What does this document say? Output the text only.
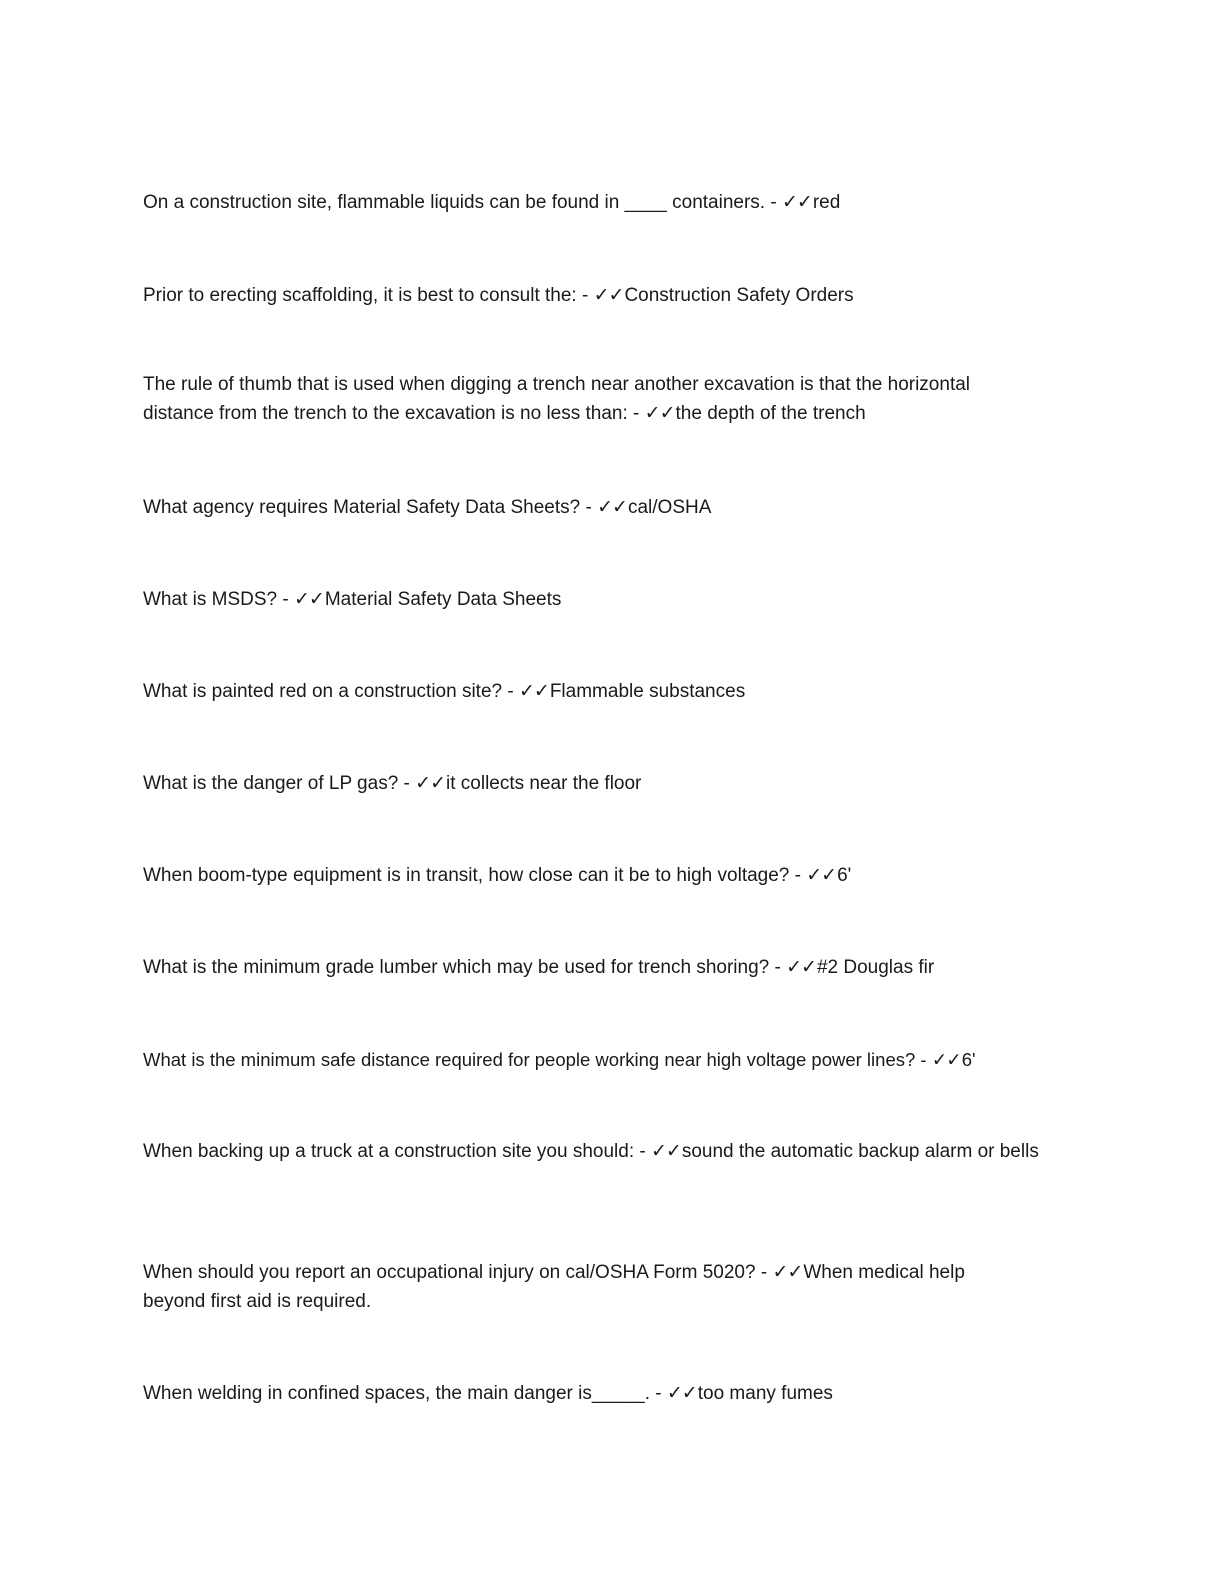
On a construction site, flammable liquids can be found in ____ containers. - ✓✓red

Prior to erecting scaffolding, it is best to consult the: - ✓✓Construction Safety Orders

The rule of thumb that is used when digging a trench near another excavation is that the horizontal distance from the trench to the excavation is no less than: - ✓✓the depth of the trench

What agency requires Material Safety Data Sheets? - ✓✓cal/OSHA

What is MSDS? - ✓✓Material Safety Data Sheets

What is painted red on a construction site? - ✓✓Flammable substances

What is the danger of LP gas? - ✓✓it collects near the floor

When boom-type equipment is in transit, how close can it be to high voltage? - ✓✓6'

What is the minimum grade lumber which may be used for trench shoring? - ✓✓#2 Douglas fir

What is the minimum safe distance required for people working near high voltage power lines? - ✓✓6'

When backing up a truck at a construction site you should: - ✓✓sound the automatic backup alarm or bells

When should you report an occupational injury on cal/OSHA Form 5020? - ✓✓When medical help beyond first aid is required.

When welding in confined spaces, the main danger is_____. - ✓✓too many fumes
